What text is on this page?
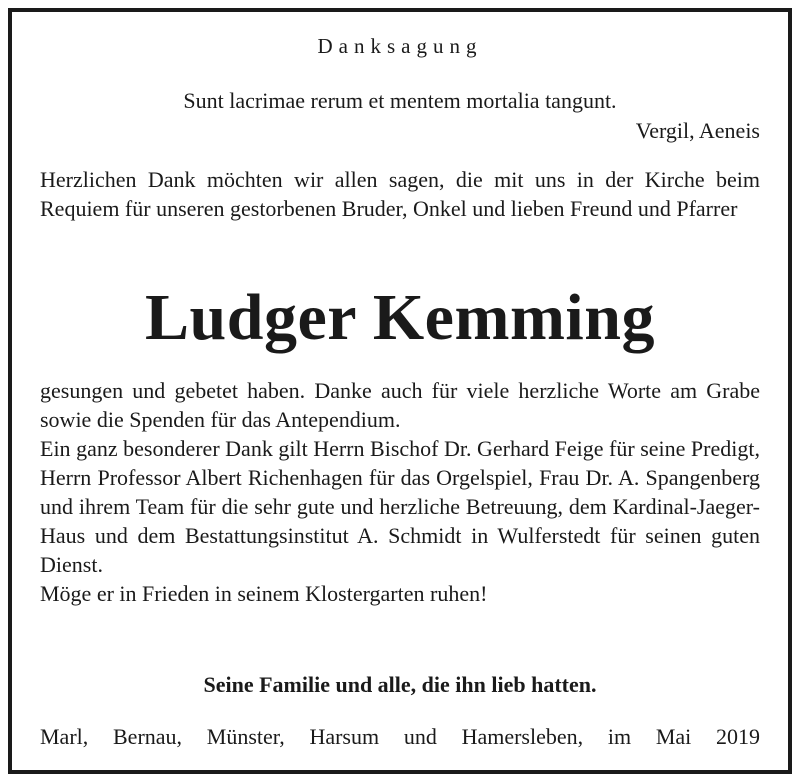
Danksagung
Sunt lacrimae rerum et mentem mortalia tangunt.
Vergil, Aeneis

Herzlichen Dank möchten wir allen sagen, die mit uns in der Kirche beim Requiem für unseren gestorbenen Bruder, Onkel und lieben Freund und Pfarrer

Ludger Kemming

gesungen und gebetet haben. Danke auch für viele herzliche Worte am Grabe sowie die Spenden für das Antependium.

Ein ganz besonderer Dank gilt Herrn Bischof Dr. Gerhard Feige für seine Predigt, Herrn Professor Albert Richenhagen für das Orgelspiel, Frau Dr. A. Spangenberg und ihrem Team für die sehr gute und herzliche Betreuung, dem Kardinal-Jaeger-Haus und dem Bestattungsinstitut A. Schmidt in Wulferstedt für seinen guten Dienst.

Möge er in Frieden in seinem Klostergarten ruhen!

Seine Familie und alle, die ihn lieb hatten.
Marl, Bernau, Münster, Harsum und Hamersleben, im Mai 2019
